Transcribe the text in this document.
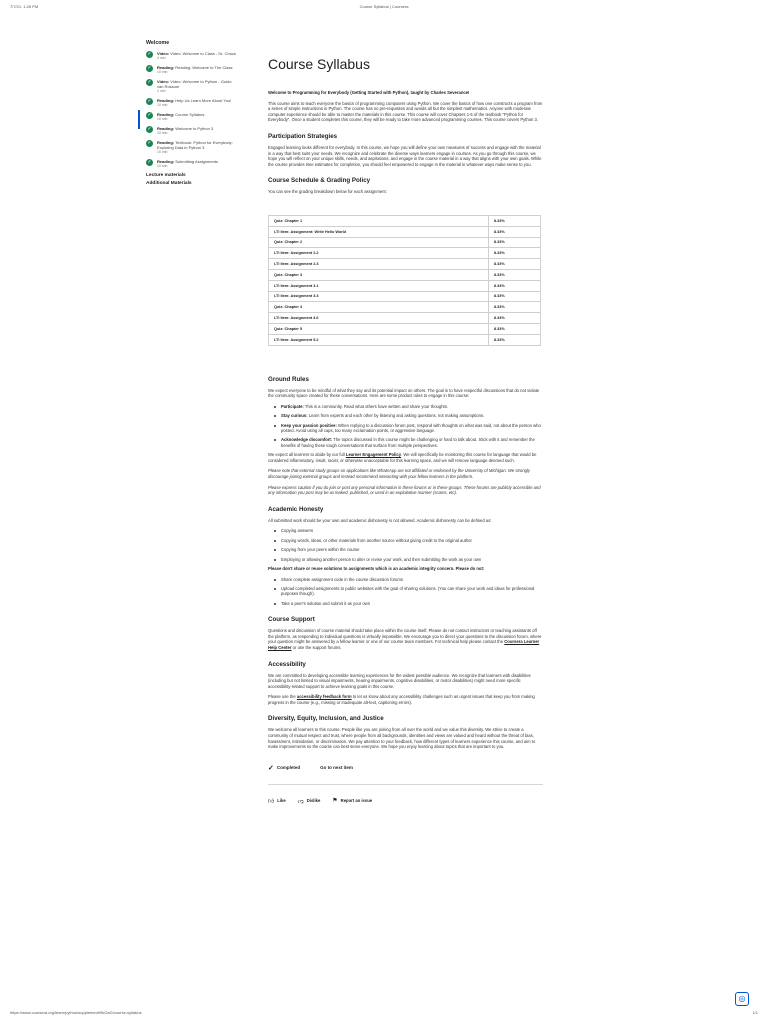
7/7/21, 1:26 PM	Course Syllabus | Coursera
Welcome
✓	Video: Video: Welcome to Class - Dr. Chuck
4 min
✓	Reading: Reading: Welcome to The Class
10 min
✓	Video: Video: Welcome to Python - Guido van Rossum
1 min
✓	Reading: Help Us Learn More About You!
10 min
✓	Reading: Course Syllabus
10 min
✓	Reading: Welcome to Python 3
10 min
✓	Reading: Textbook: Python for Everybody: Exploring Data in Python 3
10 min
✓	Reading: Submitting Assignments
10 min
Lecture materials
Additional Materials
Course Syllabus

Welcome to Programming for Everybody (Getting Started with Python), taught by Charles Severance!

This course aims to teach everyone the basics of programming computers using Python. We cover the basics of how one constructs a program from a series of simple instructions in Python. The course has no pre-requisites and avoids all but the simplest mathematics. Anyone with moderate computer experience should be able to master the materials in this course. This course will cover Chapters 1-5 of the textbook "Python for Everybody". Once a student completes this course, they will be ready to take more advanced programming courses. This course covers Python 3.

Participation Strategies

Engaged learning looks different for everybody. In this course, we hope you will define your own measures of success and engage with the material in a way that best suits your needs. We recognize and celebrate the diverse ways learners engage in courses. As you go through this course, we hope you will reflect on your unique skills, needs, and aspirations, and engage in the course material in a way that aligns with your own goals. While the course provides time estimates for completion, you should feel empowered to engage in the material in whatever ways make sense to you.

Course Schedule & Grading Policy

You can see the grading breakdown below for each assignment:

Quiz: Chapter 1	8.33%
LTI Item: Assignment: Write Hello World	8.33%
Quiz: Chapter 2	8.33%
LTI Item: Assignment 2.2	8.33%
LTI Item: Assignment 2.3	8.33%
Quiz: Chapter 3	8.33%
LTI Item: Assignment 3.1	8.33%
LTI Item: Assignment 3.3	8.33%
Quiz: Chapter 4	8.33%
LTI Item: Assignment 4.6	8.33%
Quiz: Chapter 5	8.33%
LTI Item: Assignment 5.2	8.33%
Ground Rules

We expect everyone to be mindful of what they say and its potential impact on others. The goal is to have respectful discussions that do not violate the community space created for these conversations. Here are some product rules to engage in this course:

Participate: This is a community. Read what others have written and share your thoughts.
Stay curious: Learn from experts and each other by listening and asking questions, not making assumptions.
Keep your passion positive: When replying to a discussion forum post, respond with thoughts on what was said, not about the person who posted. Avoid using all caps, too many exclamation points, or aggressive language.
Acknowledge discomfort: The topics discussed in this course might be challenging or hard to talk about. Stick with it and remember the benefits of having these tough conversations that surface from multiple perspectives.

We expect all learners to abide by our full Learner Engagement Policy. We will specifically be monitoring this course for language that would be considered inflammatory, insult, racist, or otherwise unacceptable for this learning space, and we will remove language deemed such.

Please note that external study groups on applications like WhatsApp are not affiliated or endorsed by the University of Michigan. We strongly discourage joining external groups and instead recommend interacting with your fellow learners in the platform.

Please express caution if you do join or post any personal information in these forums or in these groups. These forums are publicly accessible and any information you post may be as leaked, published, or used in an exploitative manner (scams, etc).

Academic Honesty

All submitted work should be your own and academic dishonesty is not allowed. Academic dishonesty can be defined as:

Copying answers
Copying words, ideas, or other materials from another source without giving credit to the original author
Copying from your peers within the course
Employing or allowing another person to alter or revise your work, and then submitting the work as your own

Please don't share or reuse solutions to assignments which is an academic integrity concern. Please do not:

Share complete assignment code in the course discussion forums
Upload completed assignments to public websites with the goal of sharing solutions. (You can share your work and ideas for professional purposes though).
Take a peer's solution and submit it as your own
Course Support

Questions and discussion of course material should take place within the course itself. Please do not contact instructors or teaching assistants off the platform, as responding to individual questions is virtually impossible. We encourage you to direct your questions to the discussion forum, where your question might be answered by a fellow learner or one of our course team members. For technical help please contact the Coursera Learner Help Center or use the support forums.

Accessibility

We are committed to developing accessible learning experiences for the widest possible audience. We recognize that learners with disabilities (including but not limited to visual impairments, hearing impairments, cognitive disabilities, or motor disabilities) might need more specific accessibility-related support to achieve learning goals in this course.

Please use the accessibility feedback form to let us know about any accessibility challenges such as urgent issues that keep you from making progress in the course (e.g., missing or inadequate alt-text, captioning errors).

Diversity, Equity, Inclusion, and Justice

We welcome all learners to this course. People like you are joining from all over the world and we value this diversity. We strive to create a community of mutual respect and trust, where people from all backgrounds, identities and views are valued and heard without the threat of bias, harassment, intimidation, or discrimination. We pay attention to your feedback, how different types of learners experience this course, and aim to make improvements so the course can best serve everyone. We hope you enjoy learning about topics that are important to you.

✓ Completed	Go to next item
👍︎ Like 👎︎ Dislike ⚑ Report an issue
◎
https://www.coursera.org/learn/python/supplement/9kOaG/course-syllabus	1/1
